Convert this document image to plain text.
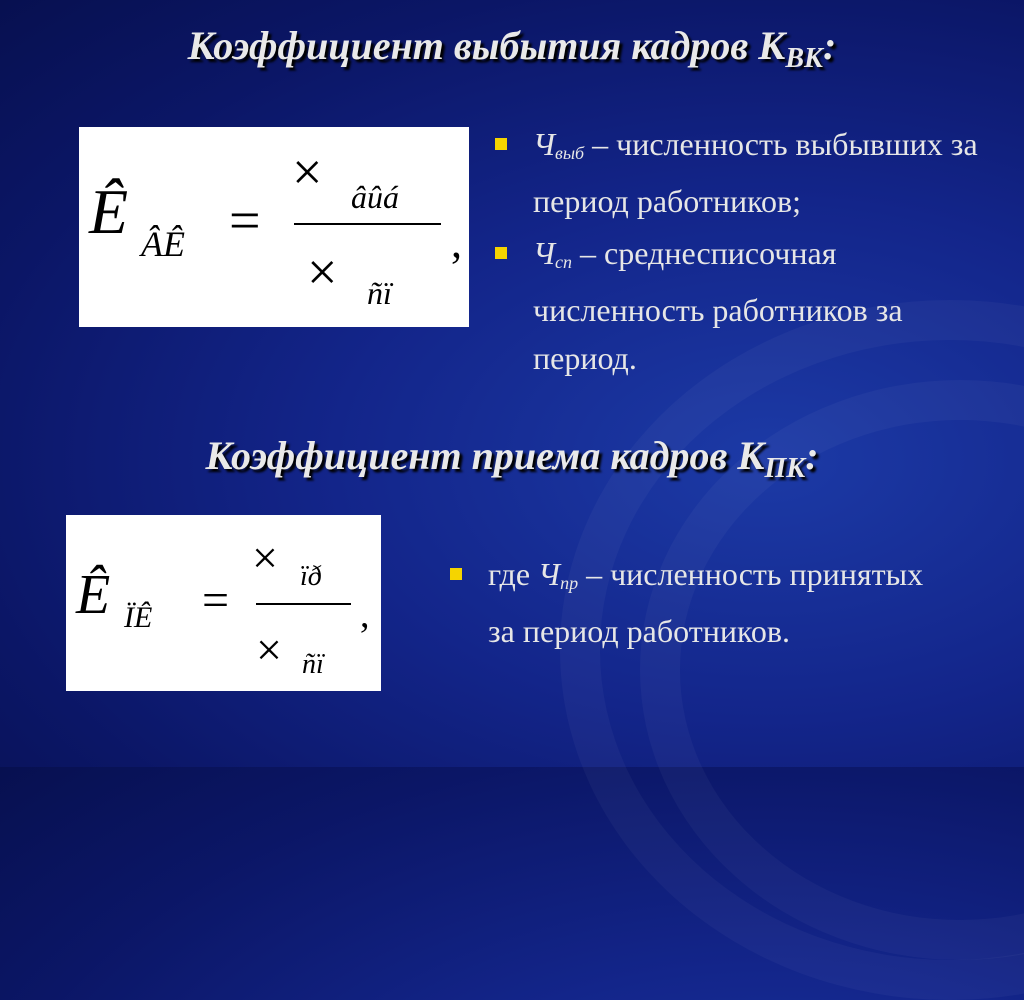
Коэффициент выбытия кадров $К_{ВК}$:
Ê ÂÊ =
× âûá
× ñï
,

$Ч_{выб}$ – численность выбывших за период работников;

$Ч_{сп}$ – среднесписочная численность работников за период.

Коэффициент приема кадров $К_{ПК}$:
Ê ÏÊ =
× ïð
× ñï
,

где $Ч_{пр}$ – численность принятых за период работников.
